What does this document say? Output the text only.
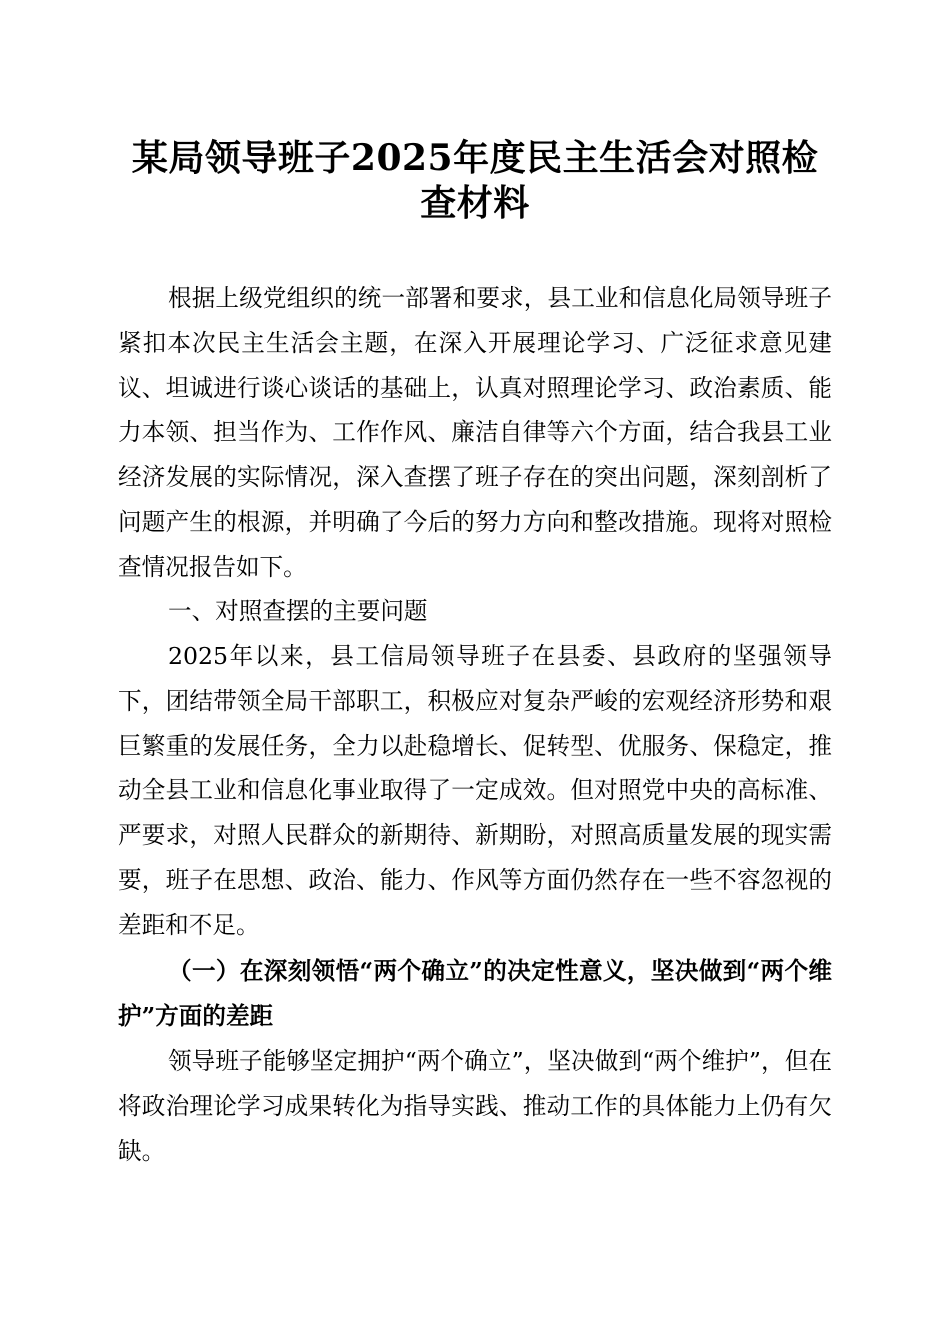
某局领导班子2025年度民主生活会对照检查材料

根据上级党组织的统一部署和要求，县工业和信息化局领导班子紧扣本次民主生活会主题，在深入开展理论学习、广泛征求意见建议、坦诚进行谈心谈话的基础上，认真对照理论学习、政治素质、能力本领、担当作为、工作作风、廉洁自律等六个方面，结合我县工业经济发展的实际情况，深入查摆了班子存在的突出问题，深刻剖析了问题产生的根源，并明确了今后的努力方向和整改措施。现将对照检查情况报告如下。

一、对照查摆的主要问题

2025年以来，县工信局领导班子在县委、县政府的坚强领导下，团结带领全局干部职工，积极应对复杂严峻的宏观经济形势和艰巨繁重的发展任务，全力以赴稳增长、促转型、优服务、保稳定，推动全县工业和信息化事业取得了一定成效。但对照党中央的高标准、严要求，对照人民群众的新期待、新期盼，对照高质量发展的现实需要，班子在思想、政治、能力、作风等方面仍然存在一些不容忽视的差距和不足。

（一）在深刻领悟“两个确立”的决定性意义，坚决做到“两个维护”方面的差距

领导班子能够坚定拥护“两个确立”，坚决做到“两个维护”，但在将政治理论学习成果转化为指导实践、推动工作的具体能力上仍有欠缺。
